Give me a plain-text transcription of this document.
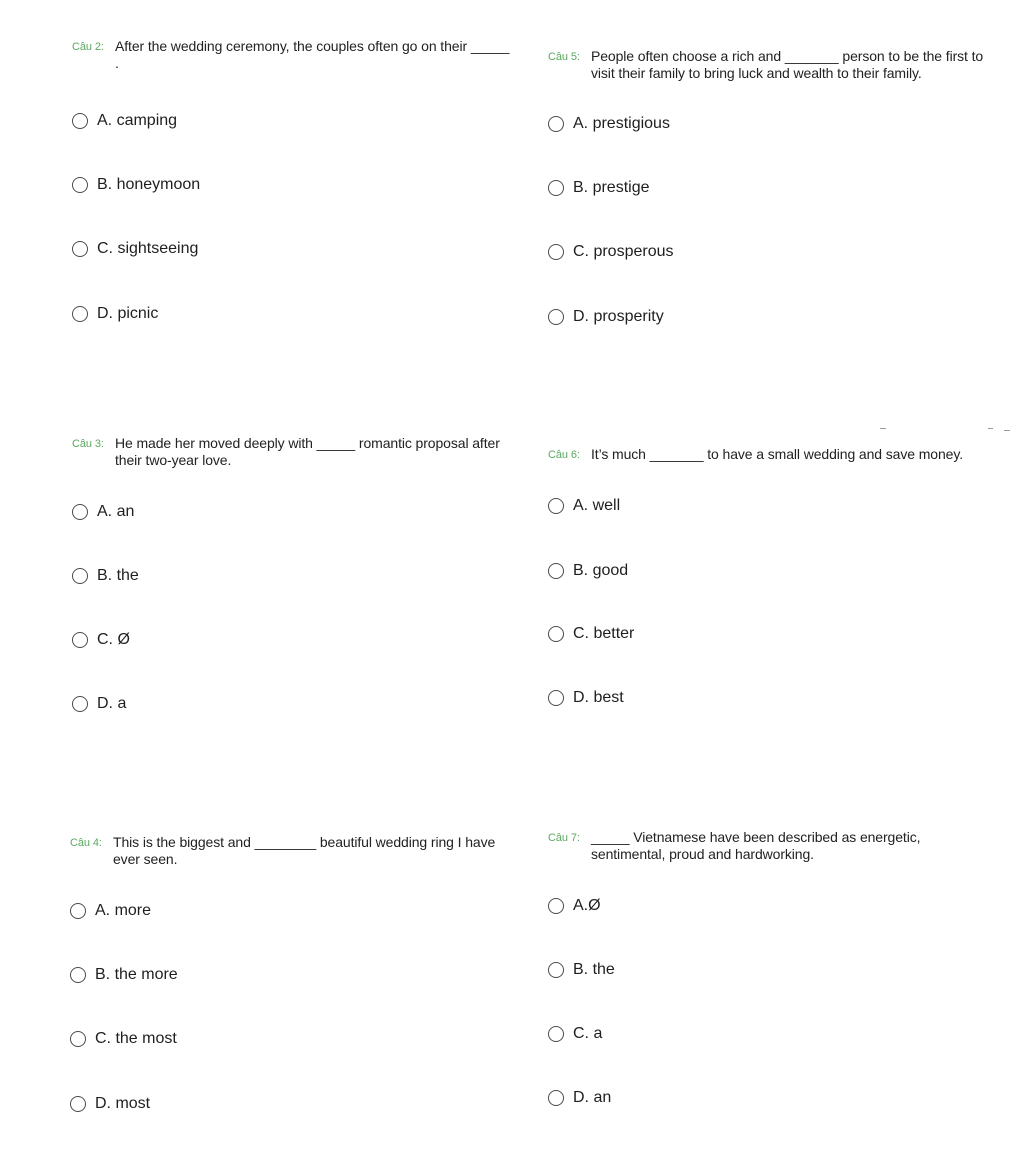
Câu 2: After the wedding ceremony, the couples often go on their _____ .
A. camping
B. honeymoon
C. sightseeing
D. picnic
Câu 3: He made her moved deeply with _____ romantic proposal after their two-year love.
A. an
B. the
C. Ø
D. a
Câu 4: This is the biggest and ________ beautiful wedding ring I have ever seen.
A. more
B. the more
C. the most
D. most
Câu 5: People often choose a rich and _______ person to be the first to visit their family to bring luck and wealth to their family.
A. prestigious
B. prestige
C. prosperous
D. prosperity
Câu 6: It’s much _______ to have a small wedding and save money.
A. well
B. good
C. better
D. best
Câu 7: _____ Vietnamese have been described as energetic, sentimental, proud and hardworking.
A.Ø
B. the
C. a
D. an
